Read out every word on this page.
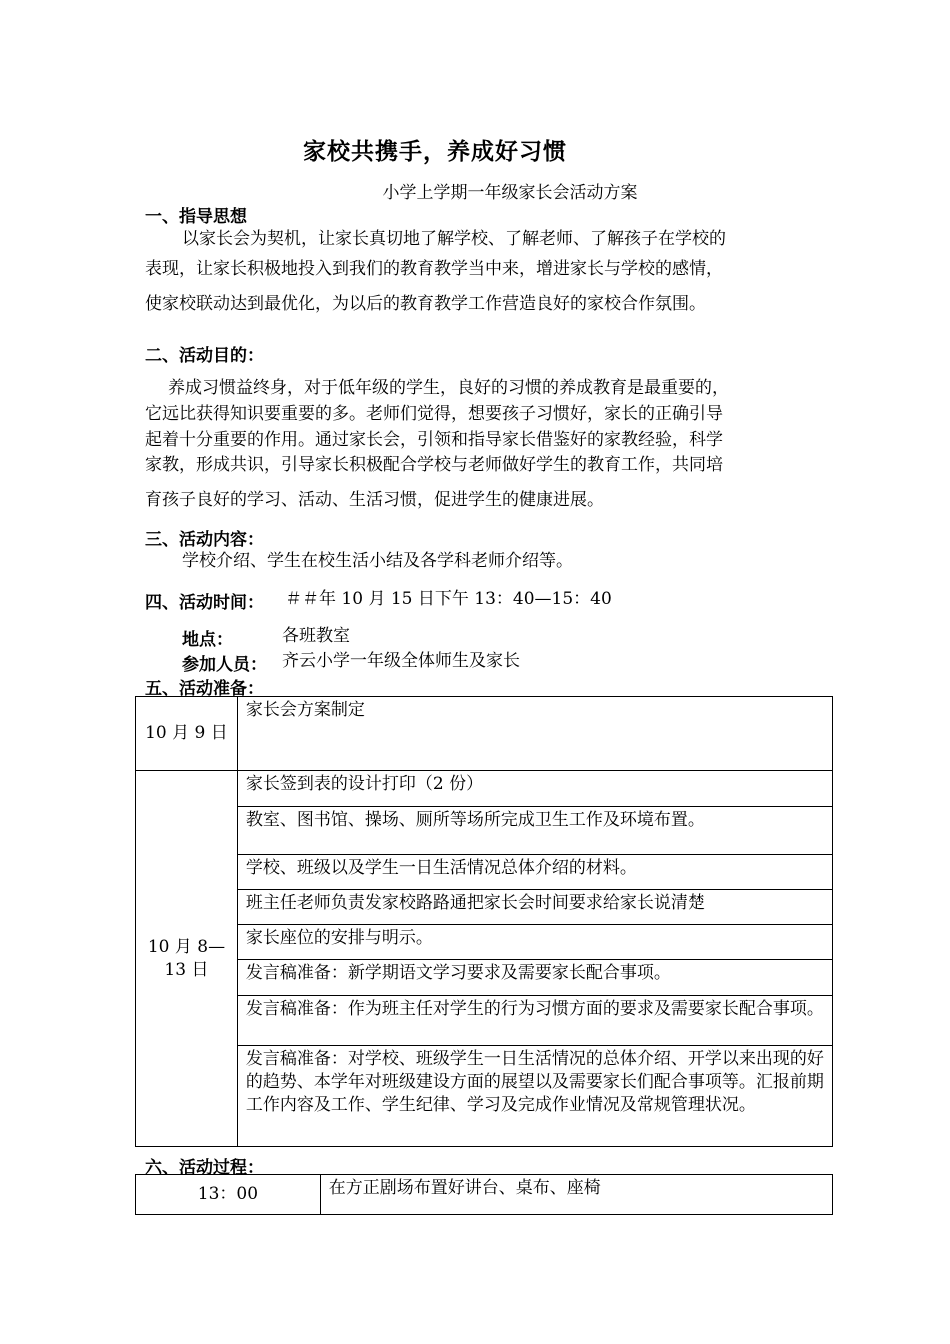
家校共携手，养成好习惯
小学上学期一年级家长会活动方案
一、指导思想
以家长会为契机，让家长真切地了解学校、了解老师、了解孩子在学校的
表现，让家长积极地投入到我们的教育教学当中来，增进家长与学校的感情，
使家校联动达到最优化，为以后的教育教学工作营造良好的家校合作氛围。
二、活动目的：
养成习惯益终身，对于低年级的学生，良好的习惯的养成教育是最重要的，
它远比获得知识要重要的多。老师们觉得，想要孩子习惯好，家长的正确引导
起着十分重要的作用。通过家长会，引领和指导家长借鉴好的家教经验，科学
家教，形成共识，引导家长积极配合学校与老师做好学生的教育工作，共同培
育孩子良好的学习、活动、生活习惯，促进学生的健康进展。
三、活动内容：
学校介绍、学生在校生活小结及各学科老师介绍等。
四、活动时间： ＃＃年 10 月 15 日下午 13：40—15：40
地点：	各班教室
参加人员： 齐云小学一年级全体师生及家长
五、活动准备：
10 月 9 日	家长会方案制定

10 月 8—
13 日	家长签到表的设计打印（2 份）
	教室、图书馆、操场、厕所等场所完成卫生工作及环境布置。
	学校、班级以及学生一日生活情况总体介绍的材料。
	班主任老师负责发家校路路通把家长会时间要求给家长说清楚
	家长座位的安排与明示。
	发言稿准备：新学期语文学习要求及需要家长配合事项。
	发言稿准备：作为班主任对学生的行为习惯方面的要求及需要家长配合事项。
	发言稿准备：对学校、班级学生一日生活情况的总体介绍、开学以来出现的好的趋势、本学年对班级建设方面的展望以及需要家长们配合事项等。汇报前期工作内容及工作、学生纪律、学习及完成作业情况及常规管理状况。
六、活动过程：
13：00	在方正剧场布置好讲台、桌布、座椅
